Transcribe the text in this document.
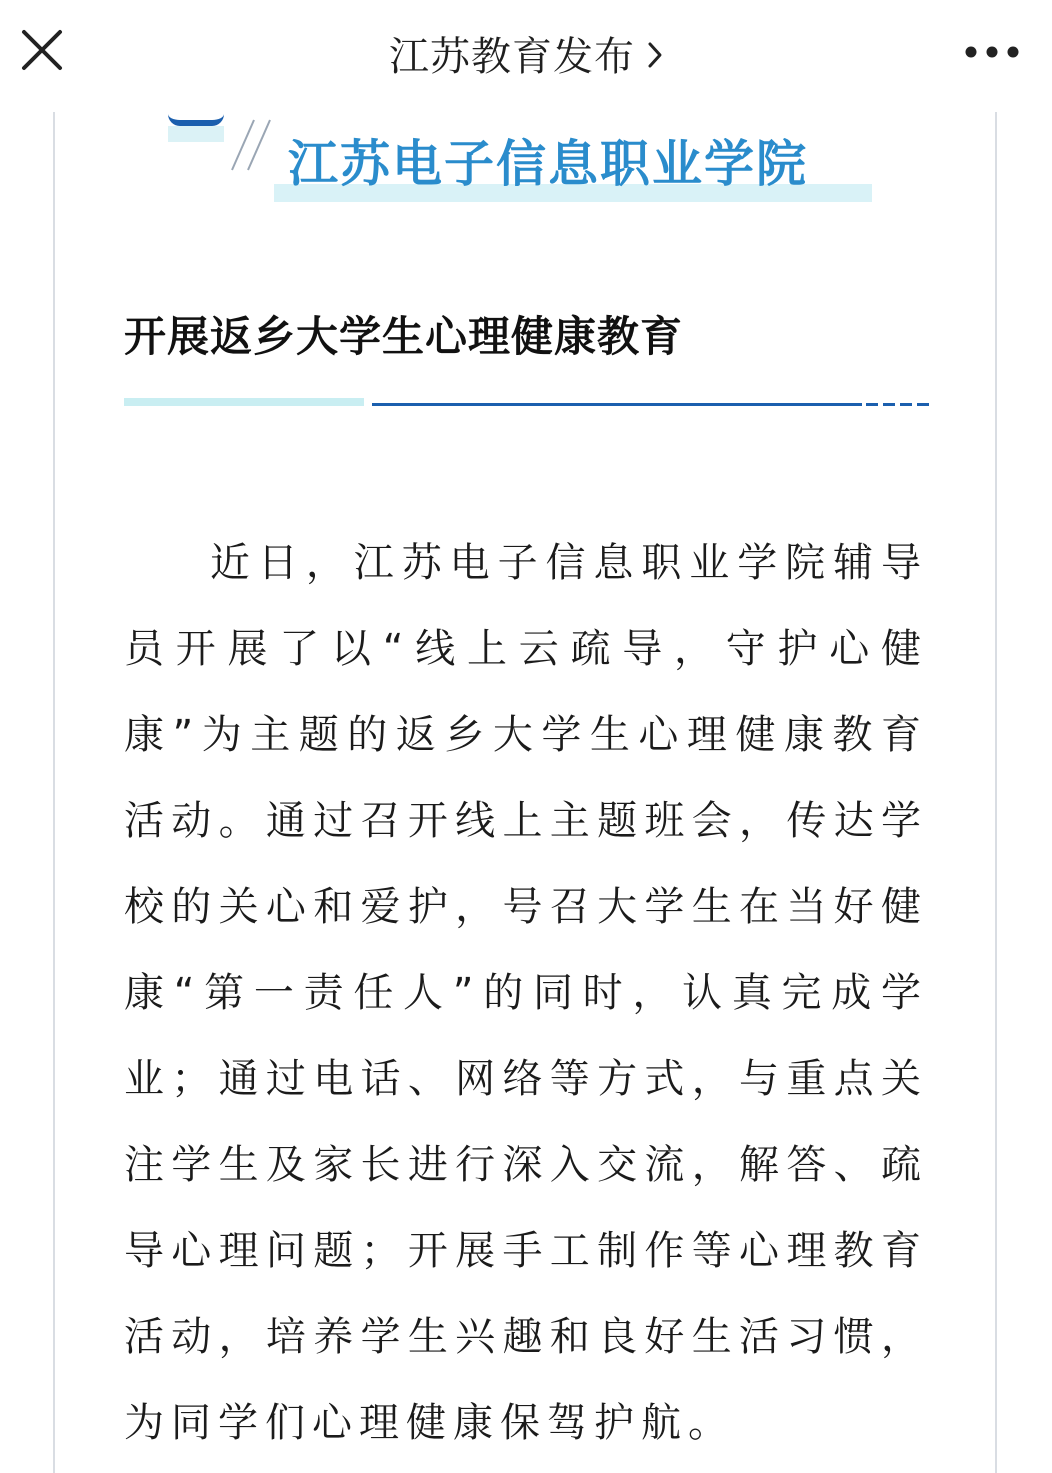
江苏教育发布
江苏电子信息职业学院
开展返乡大学生心理健康教育

近日，江苏电子信息职业学院辅导员开展了以“线上云疏导，守护心健康”为主题的返乡大学生心理健康教育活动。通过召开线上主题班会，传达学校的关心和爱护，号召大学生在当好健康“第一责任人”的同时，认真完成学业；通过电话、网络等方式，与重点关注学生及家长进行深入交流，解答、疏导心理问题；开展手工制作等心理教育活动，培养学生兴趣和良好生活习惯，为同学们心理健康保驾护航。
